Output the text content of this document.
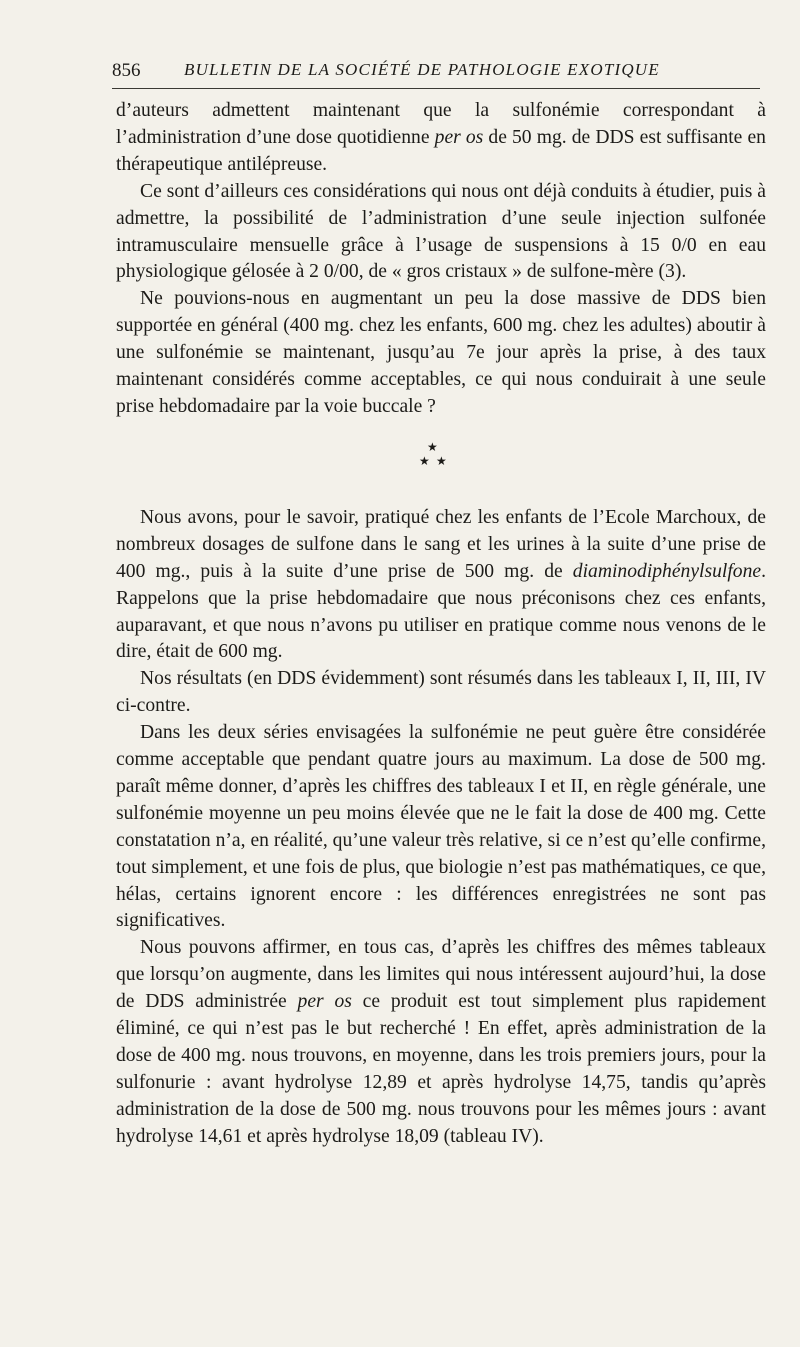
856	BULLETIN DE LA SOCIÉTÉ DE PATHOLOGIE EXOTIQUE

d’auteurs admettent maintenant que la sulfonémie correspondant à l’administration d’une dose quotidienne per os de 50 mg. de DDS est suffisante en thérapeutique antilépreuse.

Ce sont d’ailleurs ces considérations qui nous ont déjà conduits à étudier, puis à admettre, la possibilité de l’administration d’une seule injection sulfonée intramusculaire mensuelle grâce à l’usage de suspensions à 15 0/0 en eau physiologique gélosée à 2 0/00, de « gros cristaux » de sulfone-mère (3).

Ne pouvions-nous en augmentant un peu la dose massive de DDS bien supportée en général (400 mg. chez les enfants, 600 mg. chez les adultes) aboutir à une sulfonémie se maintenant, jusqu’au 7e jour après la prise, à des taux maintenant considérés comme acceptables, ce qui nous conduirait à une seule prise hebdomadaire par la voie buccale ?

★
★ ★

Nous avons, pour le savoir, pratiqué chez les enfants de l’Ecole Marchoux, de nombreux dosages de sulfone dans le sang et les urines à la suite d’une prise de 400 mg., puis à la suite d’une prise de 500 mg. de diaminodiphénylsulfone. Rappelons que la prise hebdomadaire que nous préconisons chez ces enfants, auparavant, et que nous n’avons pu utiliser en pratique comme nous venons de le dire, était de 600 mg.

Nos résultats (en DDS évidemment) sont résumés dans les tableaux I, II, III, IV ci-contre.

Dans les deux séries envisagées la sulfonémie ne peut guère être considérée comme acceptable que pendant quatre jours au maximum. La dose de 500 mg. paraît même donner, d’après les chiffres des tableaux I et II, en règle générale, une sulfonémie moyenne un peu moins élevée que ne le fait la dose de 400 mg. Cette constatation n’a, en réalité, qu’une valeur très relative, si ce n’est qu’elle confirme, tout simplement, et une fois de plus, que biologie n’est pas mathématiques, ce que, hélas, certains ignorent encore : les différences enregistrées ne sont pas significatives.

Nous pouvons affirmer, en tous cas, d’après les chiffres des mêmes tableaux que lorsqu’on augmente, dans les limites qui nous intéressent aujourd’hui, la dose de DDS administrée per os ce produit est tout simplement plus rapidement éliminé, ce qui n’est pas le but recherché ! En effet, après administration de la dose de 400 mg. nous trouvons, en moyenne, dans les trois premiers jours, pour la sulfonurie : avant hydrolyse 12,89 et après hydrolyse 14,75, tandis qu’après administration de la dose de 500 mg. nous trouvons pour les mêmes jours : avant hydrolyse 14,61 et après hydrolyse 18,09 (tableau IV).
